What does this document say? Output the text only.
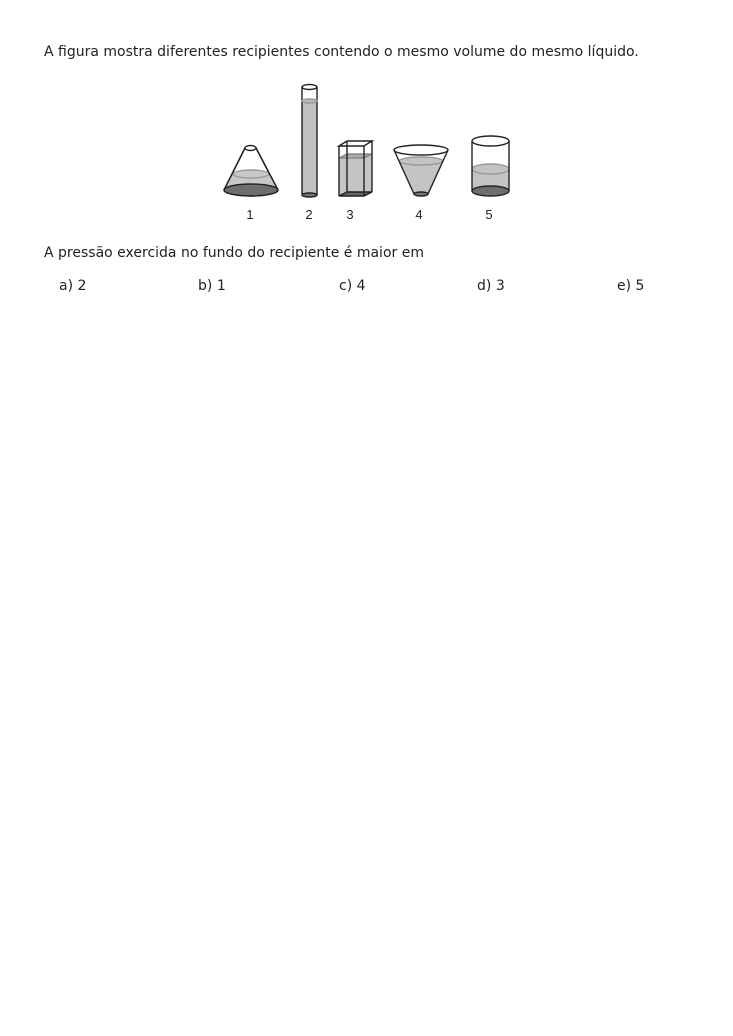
A figura mostra diferentes recipientes contendo o mesmo volume do mesmo líquido.
1	2	3	4	5
A pressão exercida no fundo do recipiente é maior em
a) 2	b) 1	c) 4	d) 3	e) 5
